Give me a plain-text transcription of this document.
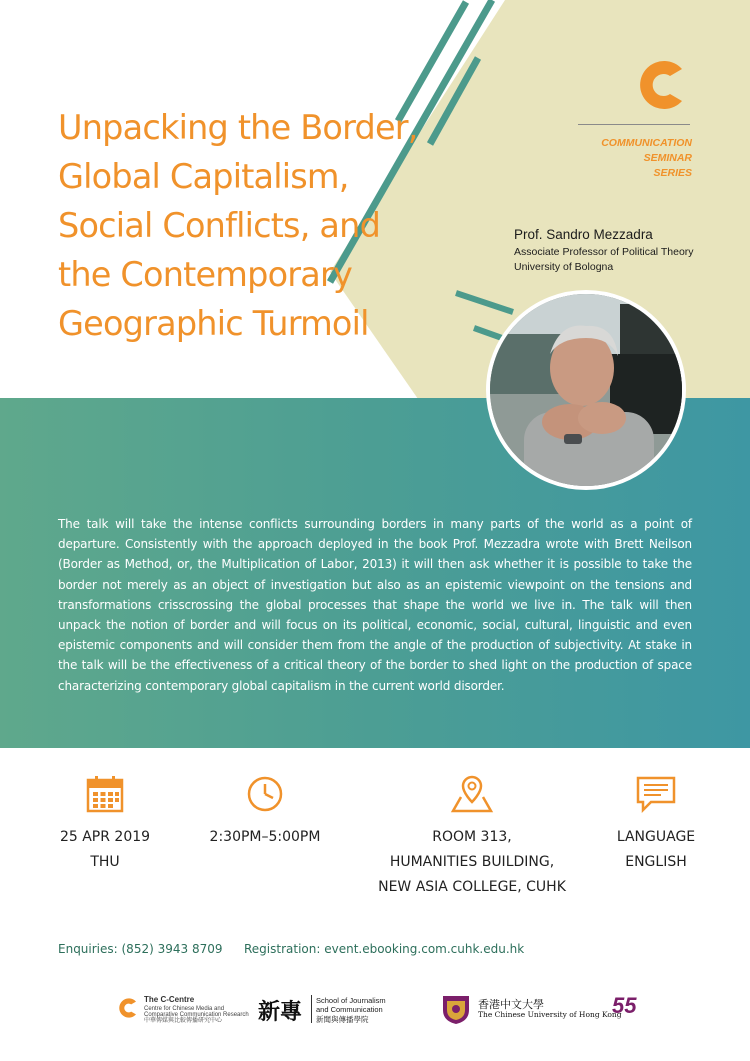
Unpacking the Border,
Global Capitalism,
Social Conflicts, and
the Contemporary
Geographic Turmoil
COMMUNICATION
SEMINAR
SERIES
Prof. Sandro Mezzadra
Associate Professor of Political Theory
University of Bologna
The talk will take the intense conflicts surrounding borders in many parts of the world as a point of departure. Consistently with the approach deployed in the book Prof. Mezzadra wrote with Brett Neilson (Border as Method, or, the Multiplication of Labor, 2013) it will then ask whether it is possible to take the border not merely as an object of investigation but also as an epistemic viewpoint on the tensions and transformations crisscrossing the global processes that shape the world we live in. The talk will then unpack the notion of border and will focus on its political, economic, social, cultural, linguistic and even epistemic components and will consider them from the angle of the production of subjectivity. At stake in the talk will be the effectiveness of a critical theory of the border to shed light on the production of space characterizing contemporary global capitalism in the current world disorder.
25 APR 2019
THU
2:30PM–5:00PM	ROOM 313,
HUMANITIES BUILDING,
NEW ASIA COLLEGE, CUHK
LANGUAGE
ENGLISH
Enquiries: (852) 3943 8709 Registration: event.ebooking.com.cuhk.edu.hk
The C-Centre
Centre for Chinese Media and
Comparative Communication Research
中華傳媒與比較傳播研究中心 新專 School of Journalism
and Communication
新聞與傳播學院
香港中文大學
The Chinese University of Hong Kong
55
